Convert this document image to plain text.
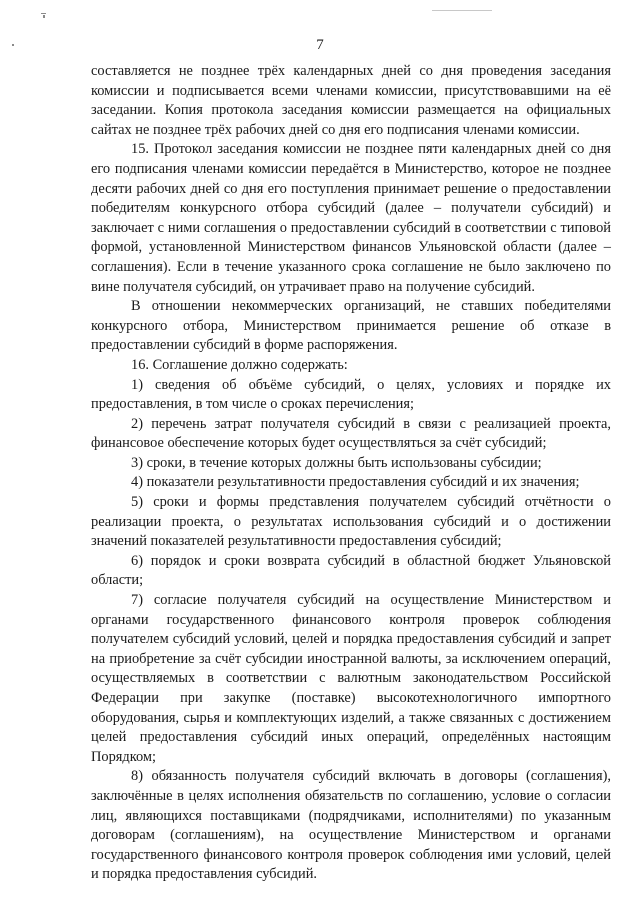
7

составляется не позднее трёх календарных дней со дня проведения заседания комиссии и подписывается всеми членами комиссии, присутствовавшими на её заседании. Копия протокола заседания комиссии размещается на официальных сайтах не позднее трёх рабочих дней со дня его подписания членами комиссии.

15. Протокол заседания комиссии не позднее пяти календарных дней со дня его подписания членами комиссии передаётся в Министерство, которое не позднее десяти рабочих дней со дня его поступления принимает решение о предоставлении победителям конкурсного отбора субсидий (далее – получатели субсидий) и заключает с ними соглашения о предоставлении субсидий в соответствии с типовой формой, установленной Министерством финансов Ульяновской области (далее – соглашения). Если в течение указанного срока соглашение не было заключено по вине получателя субсидий, он утрачивает право на получение субсидий.

В отношении некоммерческих организаций, не ставших победителями конкурсного отбора, Министерством принимается решение об отказе в предоставлении субсидий в форме распоряжения.

16. Соглашение должно содержать:

1) сведения об объёме субсидий, о целях, условиях и порядке их предоставления, в том числе о сроках перечисления;

2) перечень затрат получателя субсидий в связи с реализацией проекта, финансовое обеспечение которых будет осуществляться за счёт субсидий;

3) сроки, в течение которых должны быть использованы субсидии;

4) показатели результативности предоставления субсидий и их значения;

5) сроки и формы представления получателем субсидий отчётности о реализации проекта, о результатах использования субсидий и о достижении значений показателей результативности предоставления субсидий;

6) порядок и сроки возврата субсидий в областной бюджет Ульяновской области;

7) согласие получателя субсидий на осуществление Министерством и органами государственного финансового контроля проверок соблюдения получателем субсидий условий, целей и порядка предоставления субсидий и запрет на приобретение за счёт субсидии иностранной валюты, за исключением операций, осуществляемых в соответствии с валютным законодательством Российской Федерации при закупке (поставке) высокотехнологичного импортного оборудования, сырья и комплектующих изделий, а также связанных с достижением целей предоставления субсидий иных операций, определённых настоящим Порядком;

8) обязанность получателя субсидий включать в договоры (соглашения), заключённые в целях исполнения обязательств по соглашению, условие о согласии лиц, являющихся поставщиками (подрядчиками, исполнителями) по указанным договорам (соглашениям), на осуществление Министерством и органами государственного финансового контроля проверок соблюдения ими условий, целей и порядка предоставления субсидий.
